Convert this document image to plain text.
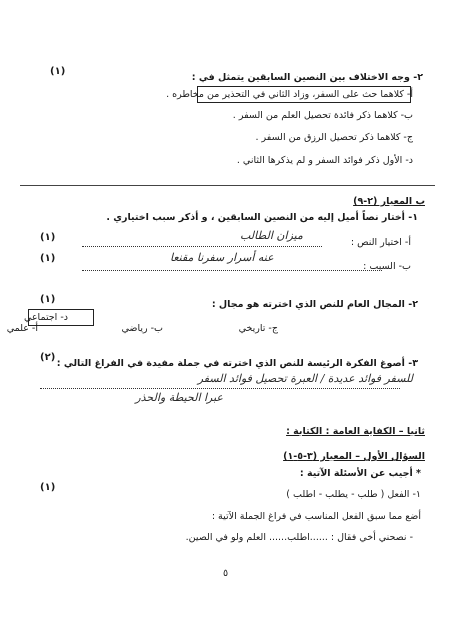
(١)
٢- وجه الاختلاف بين النصين السابقين يتمثل في :
أ- كلاهما حث على السفر، وزاد الثاني في التحذير من مخاطره .
ب- كلاهما ذكر فائدة تحصيل العلم من السفر .
ج- كلاهما ذكر تحصيل الرزق من السفر .
د- الأول ذكر فوائد السفر و لم يذكرها الثاني .
ب المعيار (٢-٩)
١- أختار نصاً أميل إليه من النصين السابقين ، و أذكر سبب اختياري .
أ- اختيار النص :
ميزان الطالب
(١)
ب- السبب :
عنه أسرار سفرنا مقنعا
(١)
(١)	٢- المجال العام للنص الذي اخترته هو مجال :
د- اجتماعي
أ- علمي	ب- رياضي	ج- تاريخي
(٢)
٣- أصوغ الفكرة الرئيسة للنص الذي اخترته في جملة مفيدة في الفراغ التالي :
للسفر فوائد عديدة / العبرة تحصيل فوائد السفر
عبرا الحيطة والحذر
ثانيا – الكفاية العامة : الكتابة :
السؤال الأول – المعيار (٣-٥-١)
* أجيب عن الأسئلة الآتية :
(١)
١- الفعل ( طلب - يطلب - اطلب )
أضع مما سبق الفعل المناسب في فراغ الجملة الآتية :
- نصحني أخي فقال : ......اطلب...... العلم ولو في الصين.
٥
